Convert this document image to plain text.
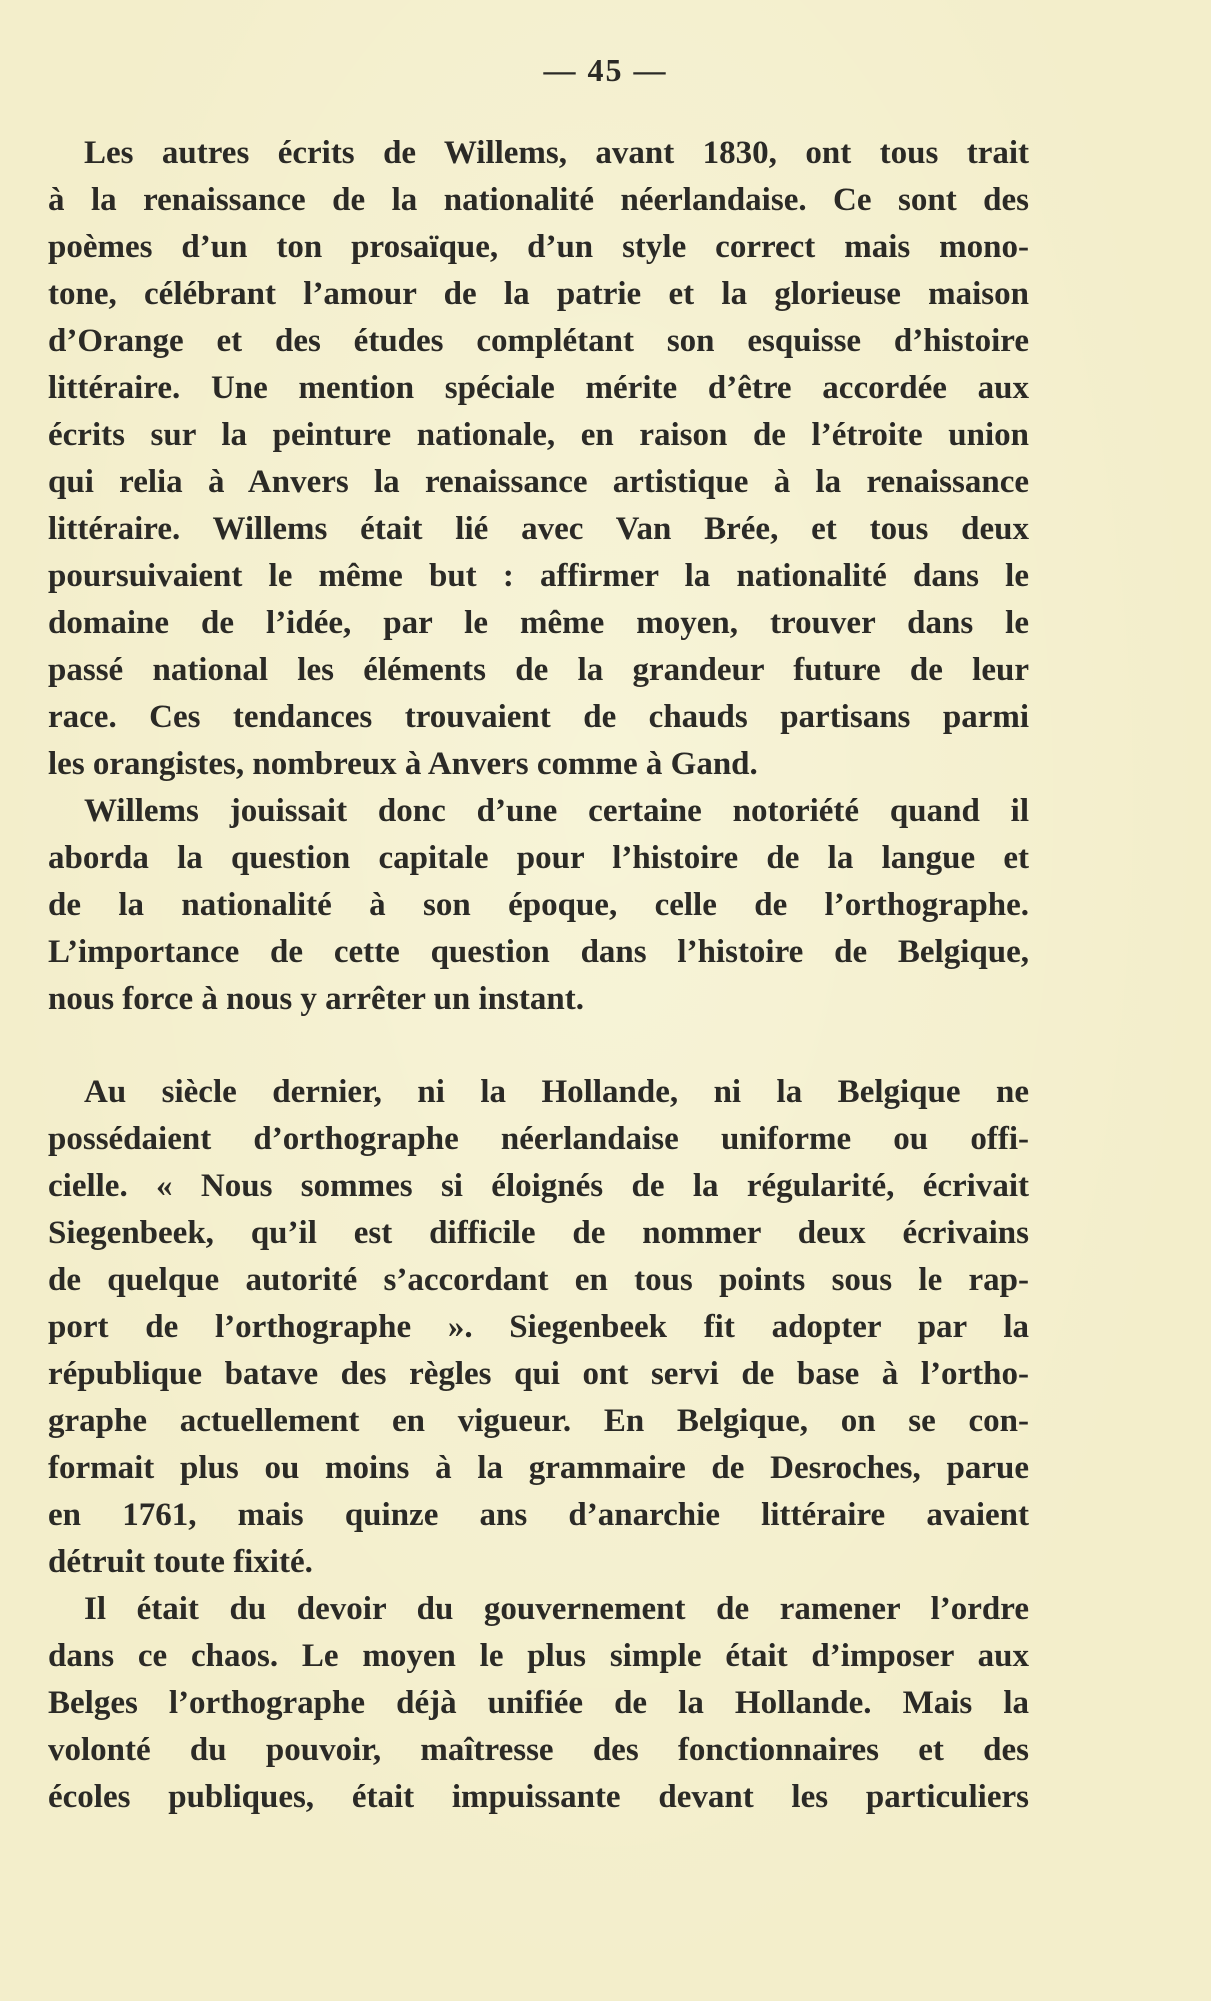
— 45 —
Les autres écrits de Willems, avant 1830, ont tous trait
à la renaissance de la nationalité néerlandaise. Ce sont des
poèmes d’un ton prosaïque, d’un style correct mais mono-
tone, célébrant l’amour de la patrie et la glorieuse maison
d’Orange et des études complétant son esquisse d’histoire
littéraire. Une mention spéciale mérite d’être accordée aux
écrits sur la peinture nationale, en raison de l’étroite union
qui relia à Anvers la renaissance artistique à la renaissance
littéraire. Willems était lié avec Van Brée, et tous deux
poursuivaient le même but : affirmer la nationalité dans le
domaine de l’idée, par le même moyen, trouver dans le
passé national les éléments de la grandeur future de leur
race. Ces tendances trouvaient de chauds partisans parmi
les orangistes, nombreux à Anvers comme à Gand.
Willems jouissait donc d’une certaine notoriété quand il
aborda la question capitale pour l’histoire de la langue et
de la nationalité à son époque, celle de l’orthographe.
L’importance de cette question dans l’histoire de Belgique,
nous force à nous y arrêter un instant.
Au siècle dernier, ni la Hollande, ni la Belgique ne
possédaient d’orthographe néerlandaise uniforme ou offi-
cielle. « Nous sommes si éloignés de la régularité, écrivait
Siegenbeek, qu’il est difficile de nommer deux écrivains
de quelque autorité s’accordant en tous points sous le rap-
port de l’orthographe ». Siegenbeek fit adopter par la
république batave des règles qui ont servi de base à l’ortho-
graphe actuellement en vigueur. En Belgique, on se con-
formait plus ou moins à la grammaire de Desroches, parue
en 1761, mais quinze ans d’anarchie littéraire avaient
détruit toute fixité.
Il était du devoir du gouvernement de ramener l’ordre
dans ce chaos. Le moyen le plus simple était d’imposer aux
Belges l’orthographe déjà unifiée de la Hollande. Mais la
volonté du pouvoir, maîtresse des fonctionnaires et des
écoles publiques, était impuissante devant les particuliers
